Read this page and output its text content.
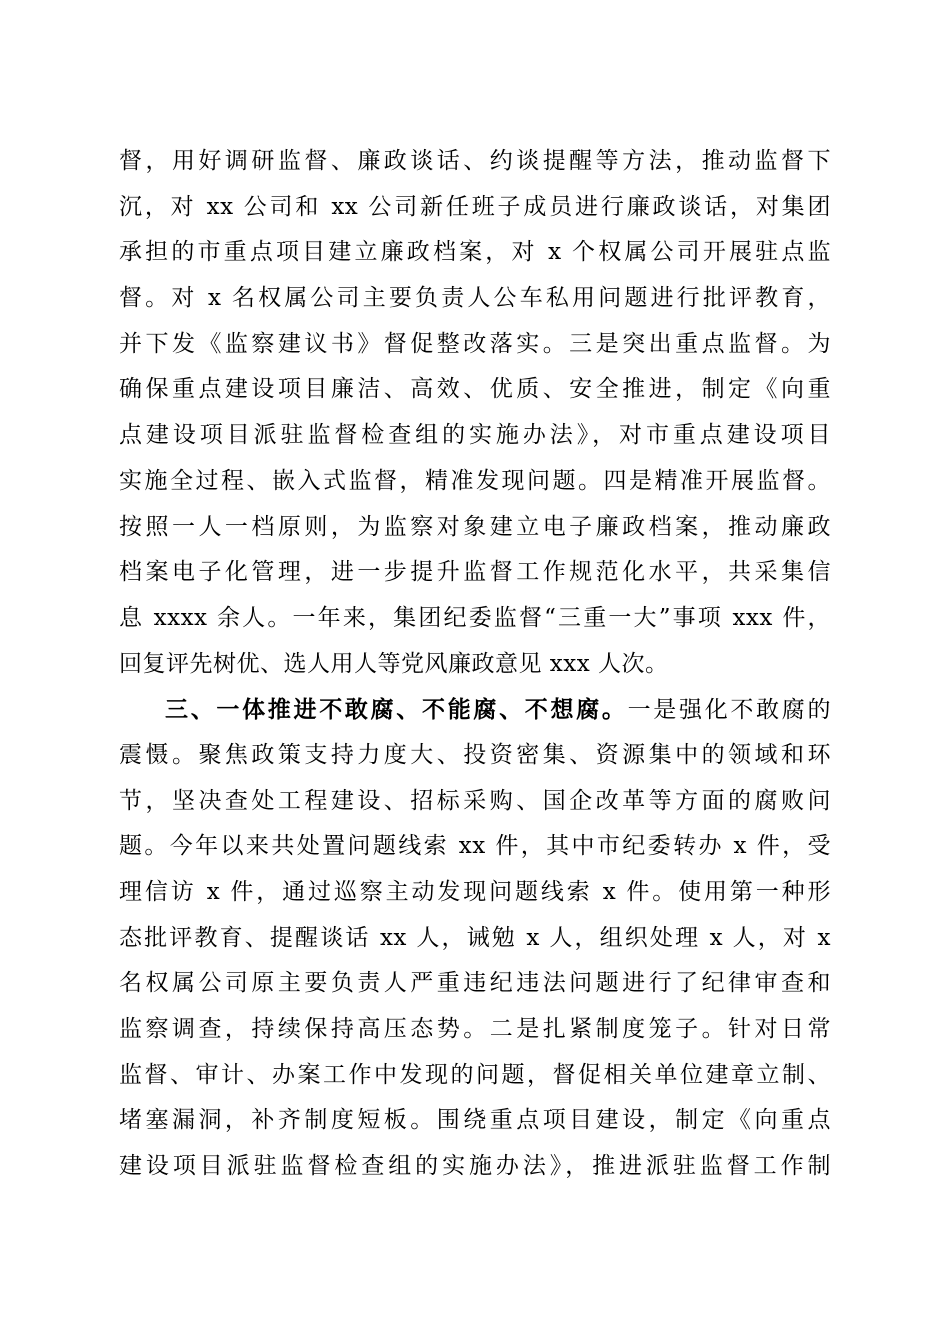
督，用好调研监督、廉政谈话、约谈提醒等方法，推动监督下
沉，对 xx 公司和 xx 公司新任班子成员进行廉政谈话，对集团
承担的市重点项目建立廉政档案，对 x 个权属公司开展驻点监
督。对 x 名权属公司主要负责人公车私用问题进行批评教育，
并下发《监察建议书》督促整改落实。三是突出重点监督。为
确保重点建设项目廉洁、高效、优质、安全推进，制定《向重
点建设项目派驻监督检查组的实施办法》，对市重点建设项目
实施全过程、嵌入式监督，精准发现问题。四是精准开展监督。
按照一人一档原则，为监察对象建立电子廉政档案，推动廉政
档案电子化管理，进一步提升监督工作规范化水平，共采集信
息 xxxx 余人。一年来，集团纪委监督“三重一大”事项 xxx 件，
回复评先树优、选人用人等党风廉政意见 xxx 人次。
三、一体推进不敢腐、不能腐、不想腐。一是强化不敢腐的
震慑。聚焦政策支持力度大、投资密集、资源集中的领域和环
节，坚决查处工程建设、招标采购、国企改革等方面的腐败问
题。今年以来共处置问题线索 xx 件，其中市纪委转办 x 件，受
理信访 x 件，通过巡察主动发现问题线索 x 件。使用第一种形
态批评教育、提醒谈话 xx 人，诫勉 x 人，组织处理 x 人，对 x
名权属公司原主要负责人严重违纪违法问题进行了纪律审查和
监察调查，持续保持高压态势。二是扎紧制度笼子。针对日常
监督、审计、办案工作中发现的问题，督促相关单位建章立制、
堵塞漏洞，补齐制度短板。围绕重点项目建设，制定《向重点
建设项目派驻监督检查组的实施办法》，推进派驻监督工作制
